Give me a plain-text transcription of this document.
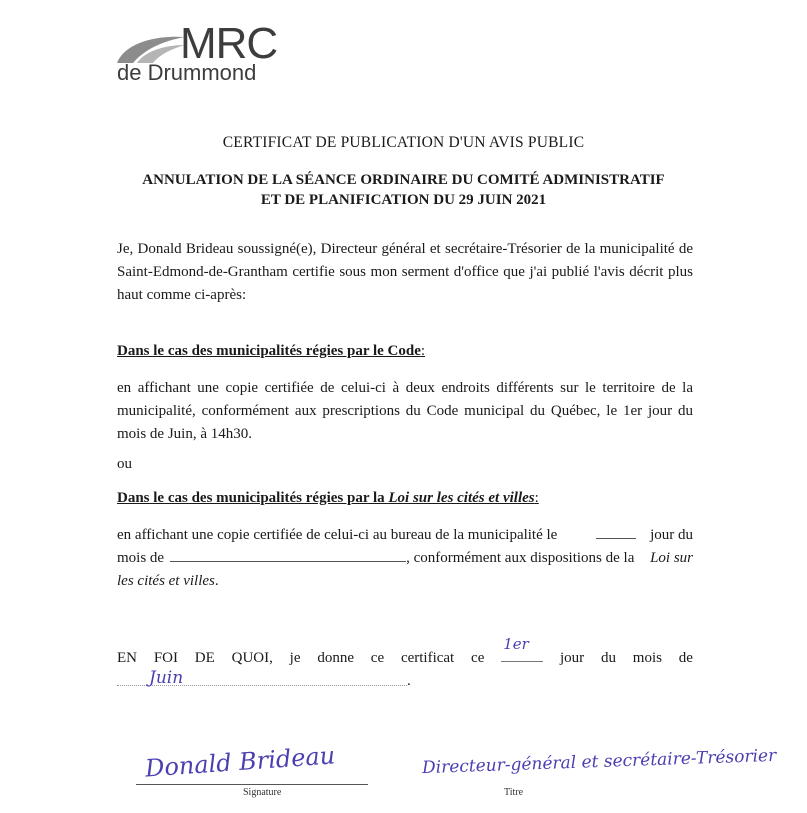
MRC
de Drummond
CERTIFICAT DE PUBLICATION D'UN AVIS PUBLIC
ANNULATION DE LA SÉANCE ORDINAIRE DU COMITÉ ADMINISTRATIF
ET DE PLANIFICATION DU 29 JUIN 2021
Je, Donald Brideau soussigné(e), Directeur général et secrétaire-Trésorier de la municipalité de Saint-Edmond-de-Grantham certifie sous mon serment d'office que j'ai publié l'avis décrit plus haut comme ci-après:
Dans le cas des municipalités régies par le Code:
en affichant une copie certifiée de celui-ci à deux endroits différents sur le territoire de la municipalité, conformément aux prescriptions du Code municipal du Québec, le 1er jour du mois de Juin, à 14h30.
ou
Dans le cas des municipalités régies par la Loi sur les cités et villes:
en affichant une copie certifiée de celui-ci au bureau de la municipalité le	jour du
mois de	, conformément aux dispositions de la Loi sur
les cités et villes.
EN FOI DE QUOI, je donne ce certificat ce
1er
jour du mois de
Juin	.
Donald Brideau
Signature
Directeur-général et secrétaire-Trésorier
Titre
